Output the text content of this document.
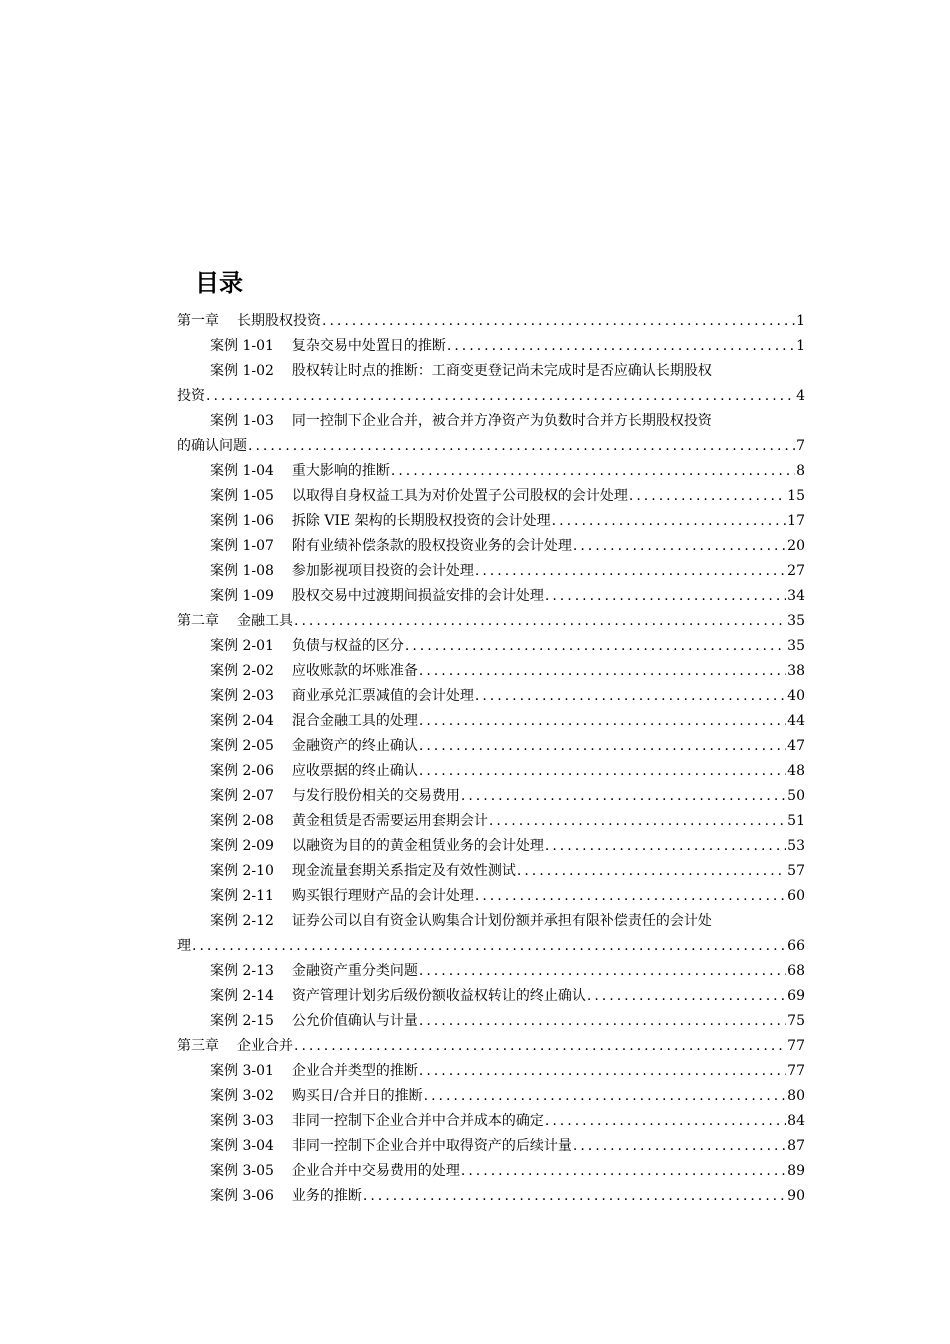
目录
第一章 长期股权投资 .....	1
案例 1-01 复杂交易中处置日的推断 .....	1
案例 1-02 股权转让时点的推断：工商变更登记尚未完成时是否应确认长期股权
投资 .....	4
案例 1-03 同一控制下企业合并，被合并方净资产为负数时合并方长期股权投资
的确认问题 .....	7
案例 1-04 重大影响的推断 .....	8
案例 1-05 以取得自身权益工具为对价处置子公司股权的会计处理 .....	15
案例 1-06 拆除 VIE 架构的长期股权投资的会计处理 .....	17
案例 1-07 附有业绩补偿条款的股权投资业务的会计处理 .....	20
案例 1-08 参加影视项目投资的会计处理 .....	27
案例 1-09 股权交易中过渡期间损益安排的会计处理 .....	34
第二章 金融工具 .....	35
案例 2-01 负债与权益的区分 .....	35
案例 2-02 应收账款的坏账准备 .....	38
案例 2-03 商业承兑汇票减值的会计处理 .....	40
案例 2-04 混合金融工具的处理 .....	44
案例 2-05 金融资产的终止确认 .....	47
案例 2-06 应收票据的终止确认 .....	48
案例 2-07 与发行股份相关的交易费用 .....	50
案例 2-08 黄金租赁是否需要运用套期会计 .....	51
案例 2-09 以融资为目的的黄金租赁业务的会计处理 .....	53
案例 2-10 现金流量套期关系指定及有效性测试 .....	57
案例 2-11 购买银行理财产品的会计处理 .....	60
案例 2-12 证券公司以自有资金认购集合计划份额并承担有限补偿责任的会计处
理 .....	66
案例 2-13 金融资产重分类问题 .....	68
案例 2-14 资产管理计划劣后级份额收益权转让的终止确认 .....	69
案例 2-15 公允价值确认与计量 .....	75
第三章 企业合并 .....	77
案例 3-01 企业合并类型的推断 .....	77
案例 3-02 购买日/合并日的推断 .....	80
案例 3-03 非同一控制下企业合并中合并成本的确定 .....	84
案例 3-04 非同一控制下企业合并中取得资产的后续计量 .....	87
案例 3-05 企业合并中交易费用的处理 .....	89
案例 3-06 业务的推断 .....	90
